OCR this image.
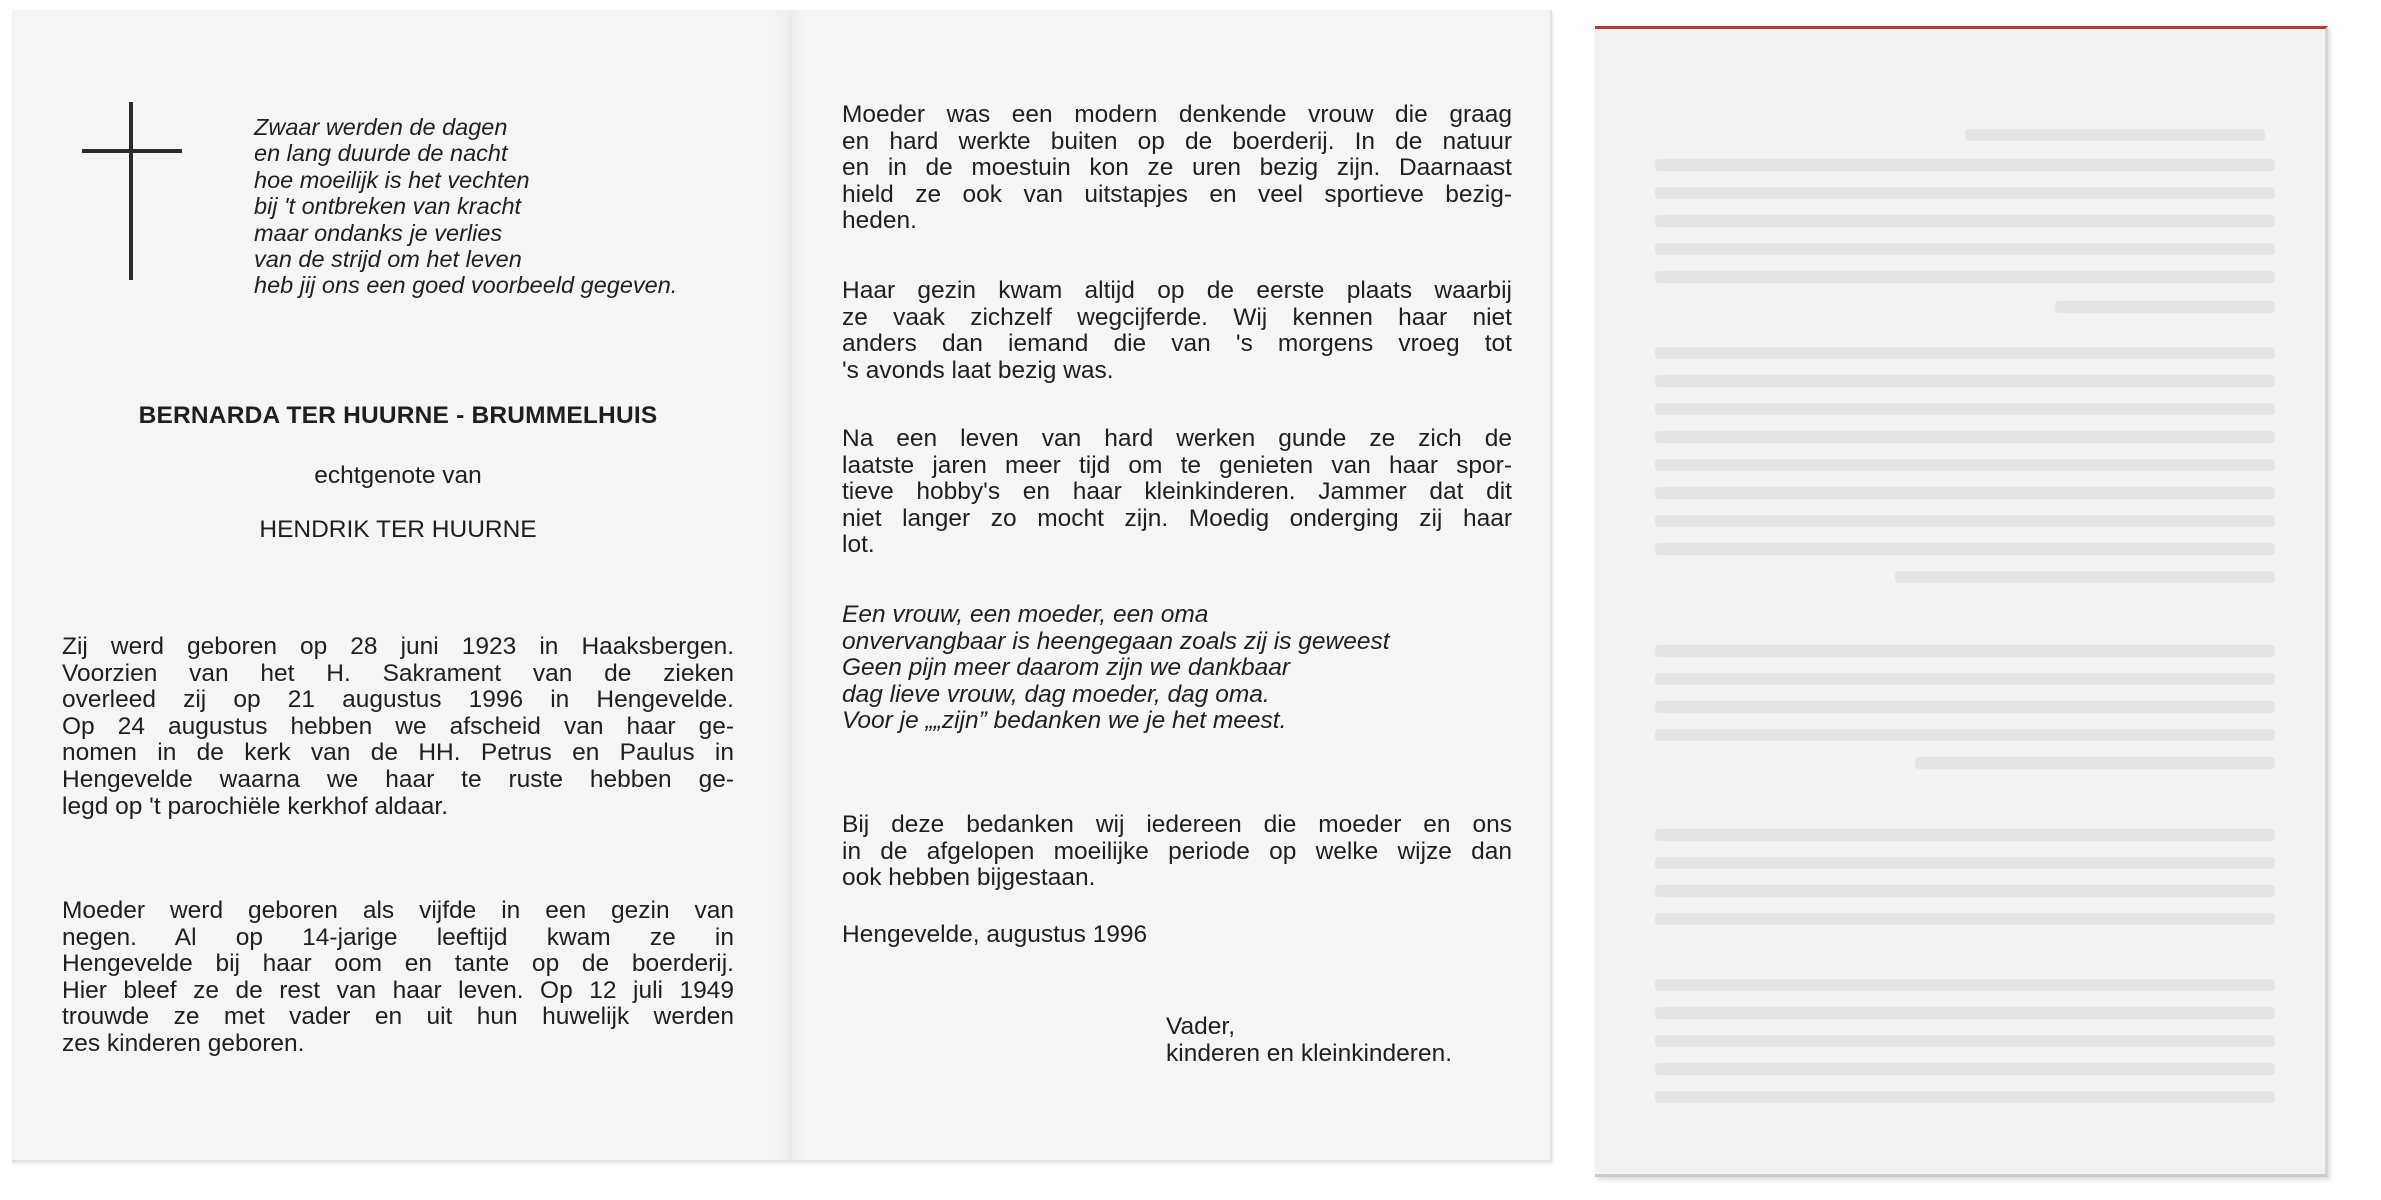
Zwaar werden de dagen
en lang duurde de nacht
hoe moeilijk is het vechten
bij 't ontbreken van kracht
maar ondanks je verlies
van de strijd om het leven
heb jij ons een goed voorbeeld gegeven.
BERNARDA TER HUURNE - BRUMMELHUIS
echtgenote van
HENDRIK TER HUURNE
Zij werd geboren op 28 juni 1923 in Haaksbergen.
Voorzien van het H. Sakrament van de zieken
overleed zij op 21 augustus 1996 in Hengevelde.
Op 24 augustus hebben we afscheid van haar ge-
nomen in de kerk van de HH. Petrus en Paulus in
Hengevelde waarna we haar te ruste hebben ge-
legd op 't parochiële kerkhof aldaar.
Moeder werd geboren als vijfde in een gezin van
negen. Al op 14-jarige leeftijd kwam ze in
Hengevelde bij haar oom en tante op de boerderij.
Hier bleef ze de rest van haar leven. Op 12 juli 1949
trouwde ze met vader en uit hun huwelijk werden
zes kinderen geboren.
Moeder was een modern denkende vrouw die graag
en hard werkte buiten op de boerderij. In de natuur
en in de moestuin kon ze uren bezig zijn. Daarnaast
hield ze ook van uitstapjes en veel sportieve bezig-
heden.
Haar gezin kwam altijd op de eerste plaats waarbij
ze vaak zichzelf wegcijferde. Wij kennen haar niet
anders dan iemand die van 's morgens vroeg tot
's avonds laat bezig was.
Na een leven van hard werken gunde ze zich de
laatste jaren meer tijd om te genieten van haar spor-
tieve hobby's en haar kleinkinderen. Jammer dat dit
niet langer zo mocht zijn. Moedig onderging zij haar
lot.
Een vrouw, een moeder, een oma
onvervangbaar is heengegaan zoals zij is geweest
Geen pijn meer daarom zijn we dankbaar
dag lieve vrouw, dag moeder, dag oma.
Voor je „„zijn” bedanken we je het meest.
Bij deze bedanken wij iedereen die moeder en ons
in de afgelopen moeilijke periode op welke wijze dan
ook hebben bijgestaan.
Hengevelde, augustus 1996
Vader,
kinderen en kleinkinderen.
